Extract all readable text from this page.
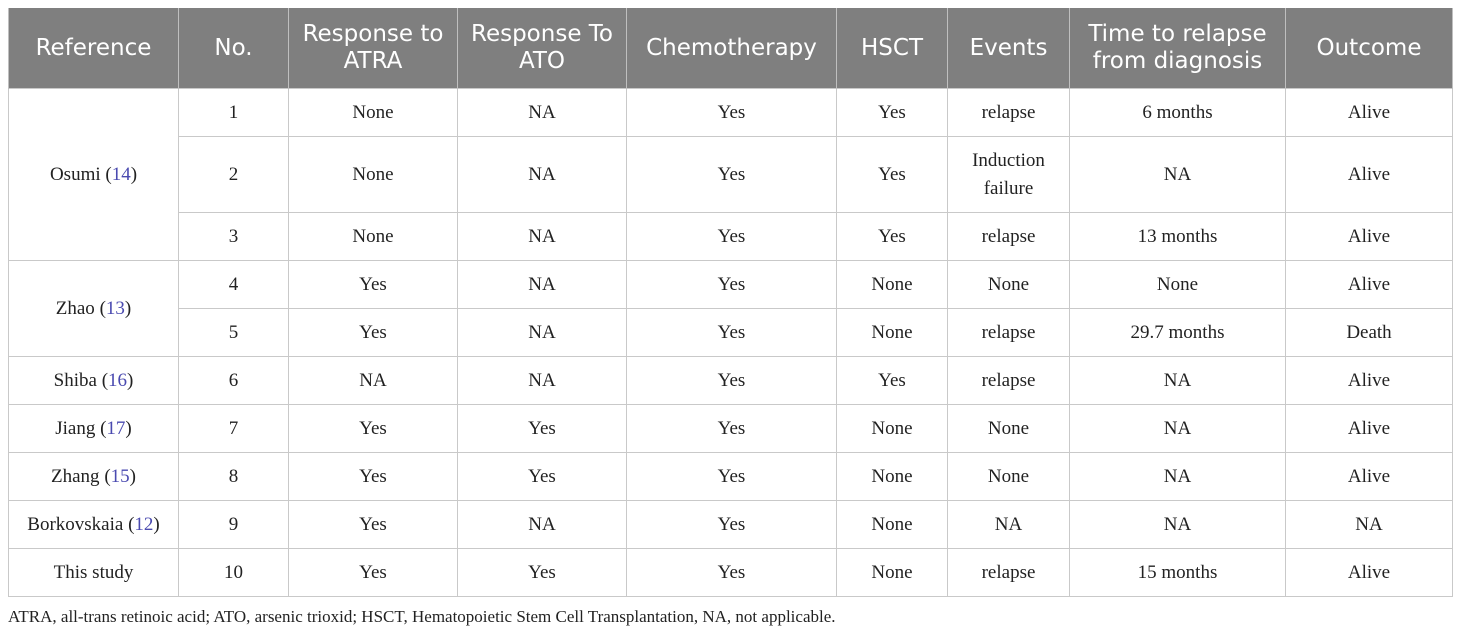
Reference	No.	Response to ATRA	Response To ATO	Chemotherapy	HSCT	Events	Time to relapse from diagnosis	Outcome
Osumi (14)	1	None	NA	Yes	Yes	relapse	6 months	Alive
	2	None	NA	Yes	Yes	Induction failure	NA	Alive
	3	None	NA	Yes	Yes	relapse	13 months	Alive
Zhao (13)	4	Yes	NA	Yes	None	None	None	Alive
	5	Yes	NA	Yes	None	relapse	29.7 months	Death
Shiba (16)	6	NA	NA	Yes	Yes	relapse	NA	Alive
Jiang (17)	7	Yes	Yes	Yes	None	None	NA	Alive
Zhang (15)	8	Yes	Yes	Yes	None	None	NA	Alive
Borkovskaia (12)	9	Yes	NA	Yes	None	NA	NA	NA
This study	10	Yes	Yes	Yes	None	relapse	15 months	Alive
ATRA, all-trans retinoic acid; ATO, arsenic trioxid; HSCT, Hematopoietic Stem Cell Transplantation, NA, not applicable.
